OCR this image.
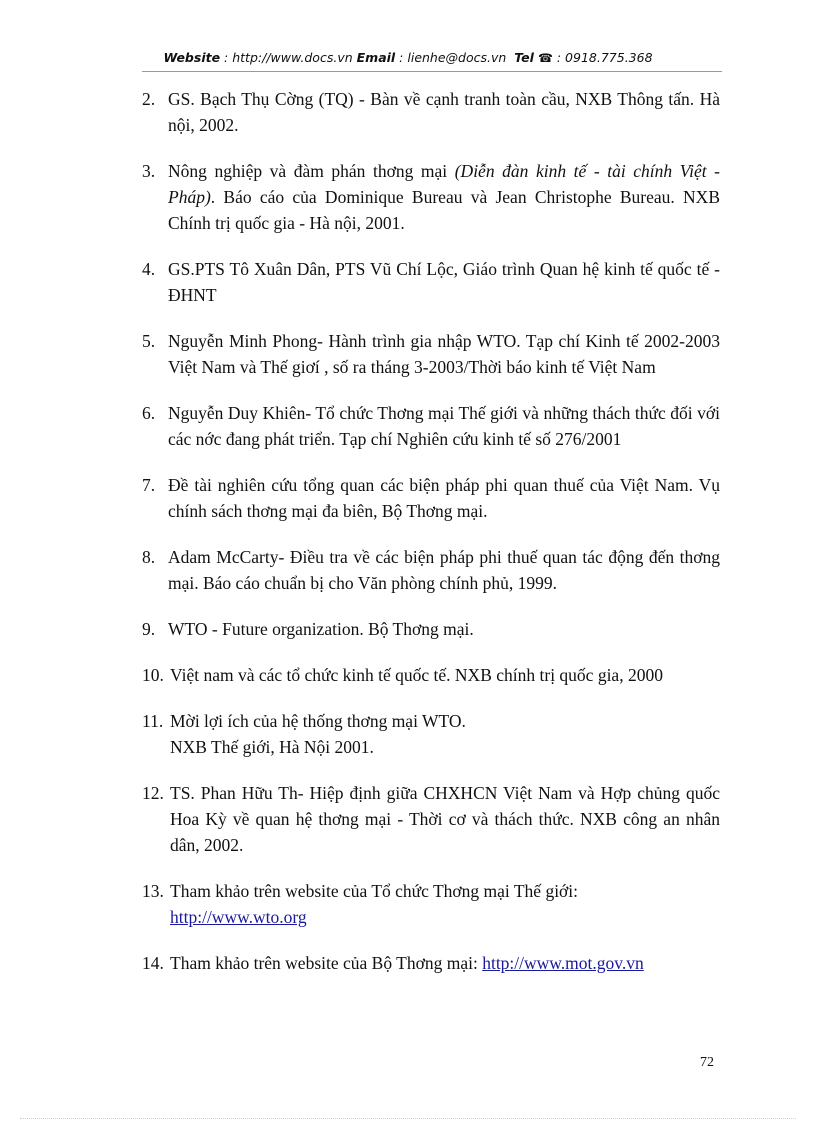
Website : http://www.docs.vn Email : lienhe@docs.vn Tel ☎ : 0918.775.368
2. GS. Bạch Thụ Cờng (TQ) - Bàn về cạnh tranh toàn cầu, NXB Thông tấn. Hà nội, 2002.
3. Nông nghiệp và đàm phán thơng mại (Diễn đàn kinh tế - tài chính Việt - Pháp). Báo cáo của Dominique Bureau và Jean Christophe Bureau. NXB Chính trị quốc gia - Hà nội, 2001.
4. GS.PTS Tô Xuân Dân, PTS Vũ Chí Lộc, Giáo trình Quan hệ kinh tế quốc tế - ĐHNT
5. Nguyễn Minh Phong- Hành trình gia nhập WTO. Tạp chí Kinh tế 2002-2003 Việt Nam và Thế giơí , số ra tháng 3-2003/Thời báo kinh tế Việt Nam
6. Nguyễn Duy Khiên- Tổ chức Thơng mại Thế giới và những thách thức đối với các nớc đang phát triển. Tạp chí Nghiên cứu kinh tế số 276/2001
7. Đề tài nghiên cứu tổng quan các biện pháp phi quan thuế của Việt Nam. Vụ chính sách thơng mại đa biên, Bộ Thơng mại.
8. Adam McCarty- Điều tra về các biện pháp phi thuế quan tác động đến thơng mại. Báo cáo chuẩn bị cho Văn phòng chính phủ, 1999.
9. WTO - Future organization. Bộ Thơng mại.
10. Việt nam và các tổ chức kinh tế quốc tế. NXB chính trị quốc gia, 2000
11. Mời lợi ích của hệ thống thơng mại WTO.
NXB Thế giới, Hà Nội 2001.
12. TS. Phan Hữu Th- Hiệp định giữa CHXHCN Việt Nam và Hợp chủng quốc Hoa Kỳ về quan hệ thơng mại - Thời cơ và thách thức. NXB công an nhân dân, 2002.
13. Tham khảo trên website của Tổ chức Thơng mại Thế giới:
http://www.wto.org
14. Tham khảo trên website của Bộ Thơng mại: http://www.mot.gov.vn
72
